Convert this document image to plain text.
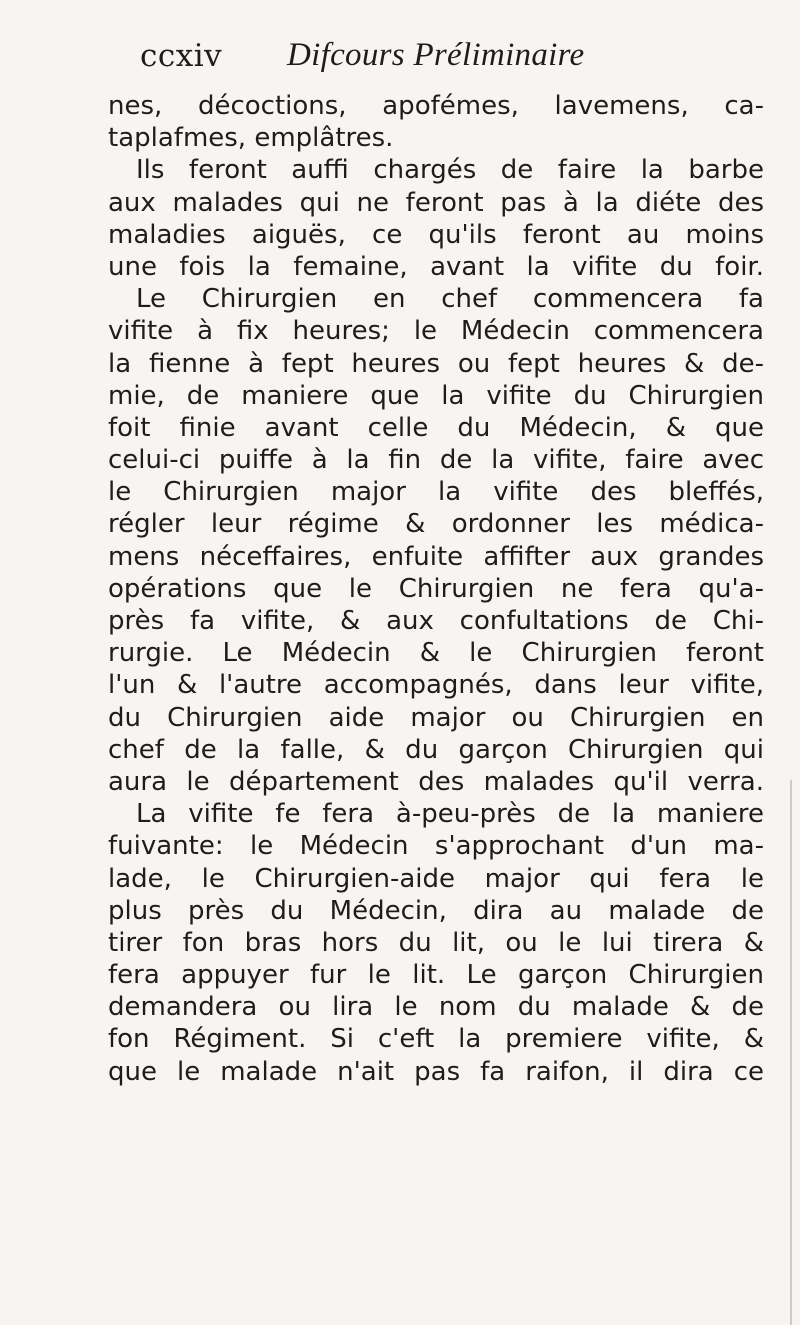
ccxiv Difcours Préliminaire
nes, décoctions, apofémes, lavemens, ca-
taplafmes, emplâtres.
Ils feront auffi chargés de faire la barbe
aux malades qui ne feront pas à la diéte des
maladies aiguës, ce qu'ils feront au moins
une fois la femaine, avant la vifite du foir.
Le Chirurgien en chef commencera fa
vifite à fix heures; le Médecin commencera
la fienne à fept heures ou fept heures & de-
mie, de maniere que la vifite du Chirurgien
foit finie avant celle du Médecin, & que
celui-ci puiffe à la fin de la vifite, faire avec
le Chirurgien major la vifite des bleffés,
régler leur régime & ordonner les médica-
mens néceffaires, enfuite affifter aux grandes
opérations que le Chirurgien ne fera qu'a-
près fa vifite, & aux confultations de Chi-
rurgie. Le Médecin & le Chirurgien feront
l'un & l'autre accompagnés, dans leur vifite,
du Chirurgien aide major ou Chirurgien en
chef de la falle, & du garçon Chirurgien qui
aura le département des malades qu'il verra.
La vifite fe fera à-peu-près de la maniere
fuivante: le Médecin s'approchant d'un ma-
lade, le Chirurgien-aide major qui fera le
plus près du Médecin, dira au malade de
tirer fon bras hors du lit, ou le lui tirera &
fera appuyer fur le lit. Le garçon Chirurgien
demandera ou lira le nom du malade & de
fon Régiment. Si c'eft la premiere vifite, &
que le malade n'ait pas fa raifon, il dira ce
